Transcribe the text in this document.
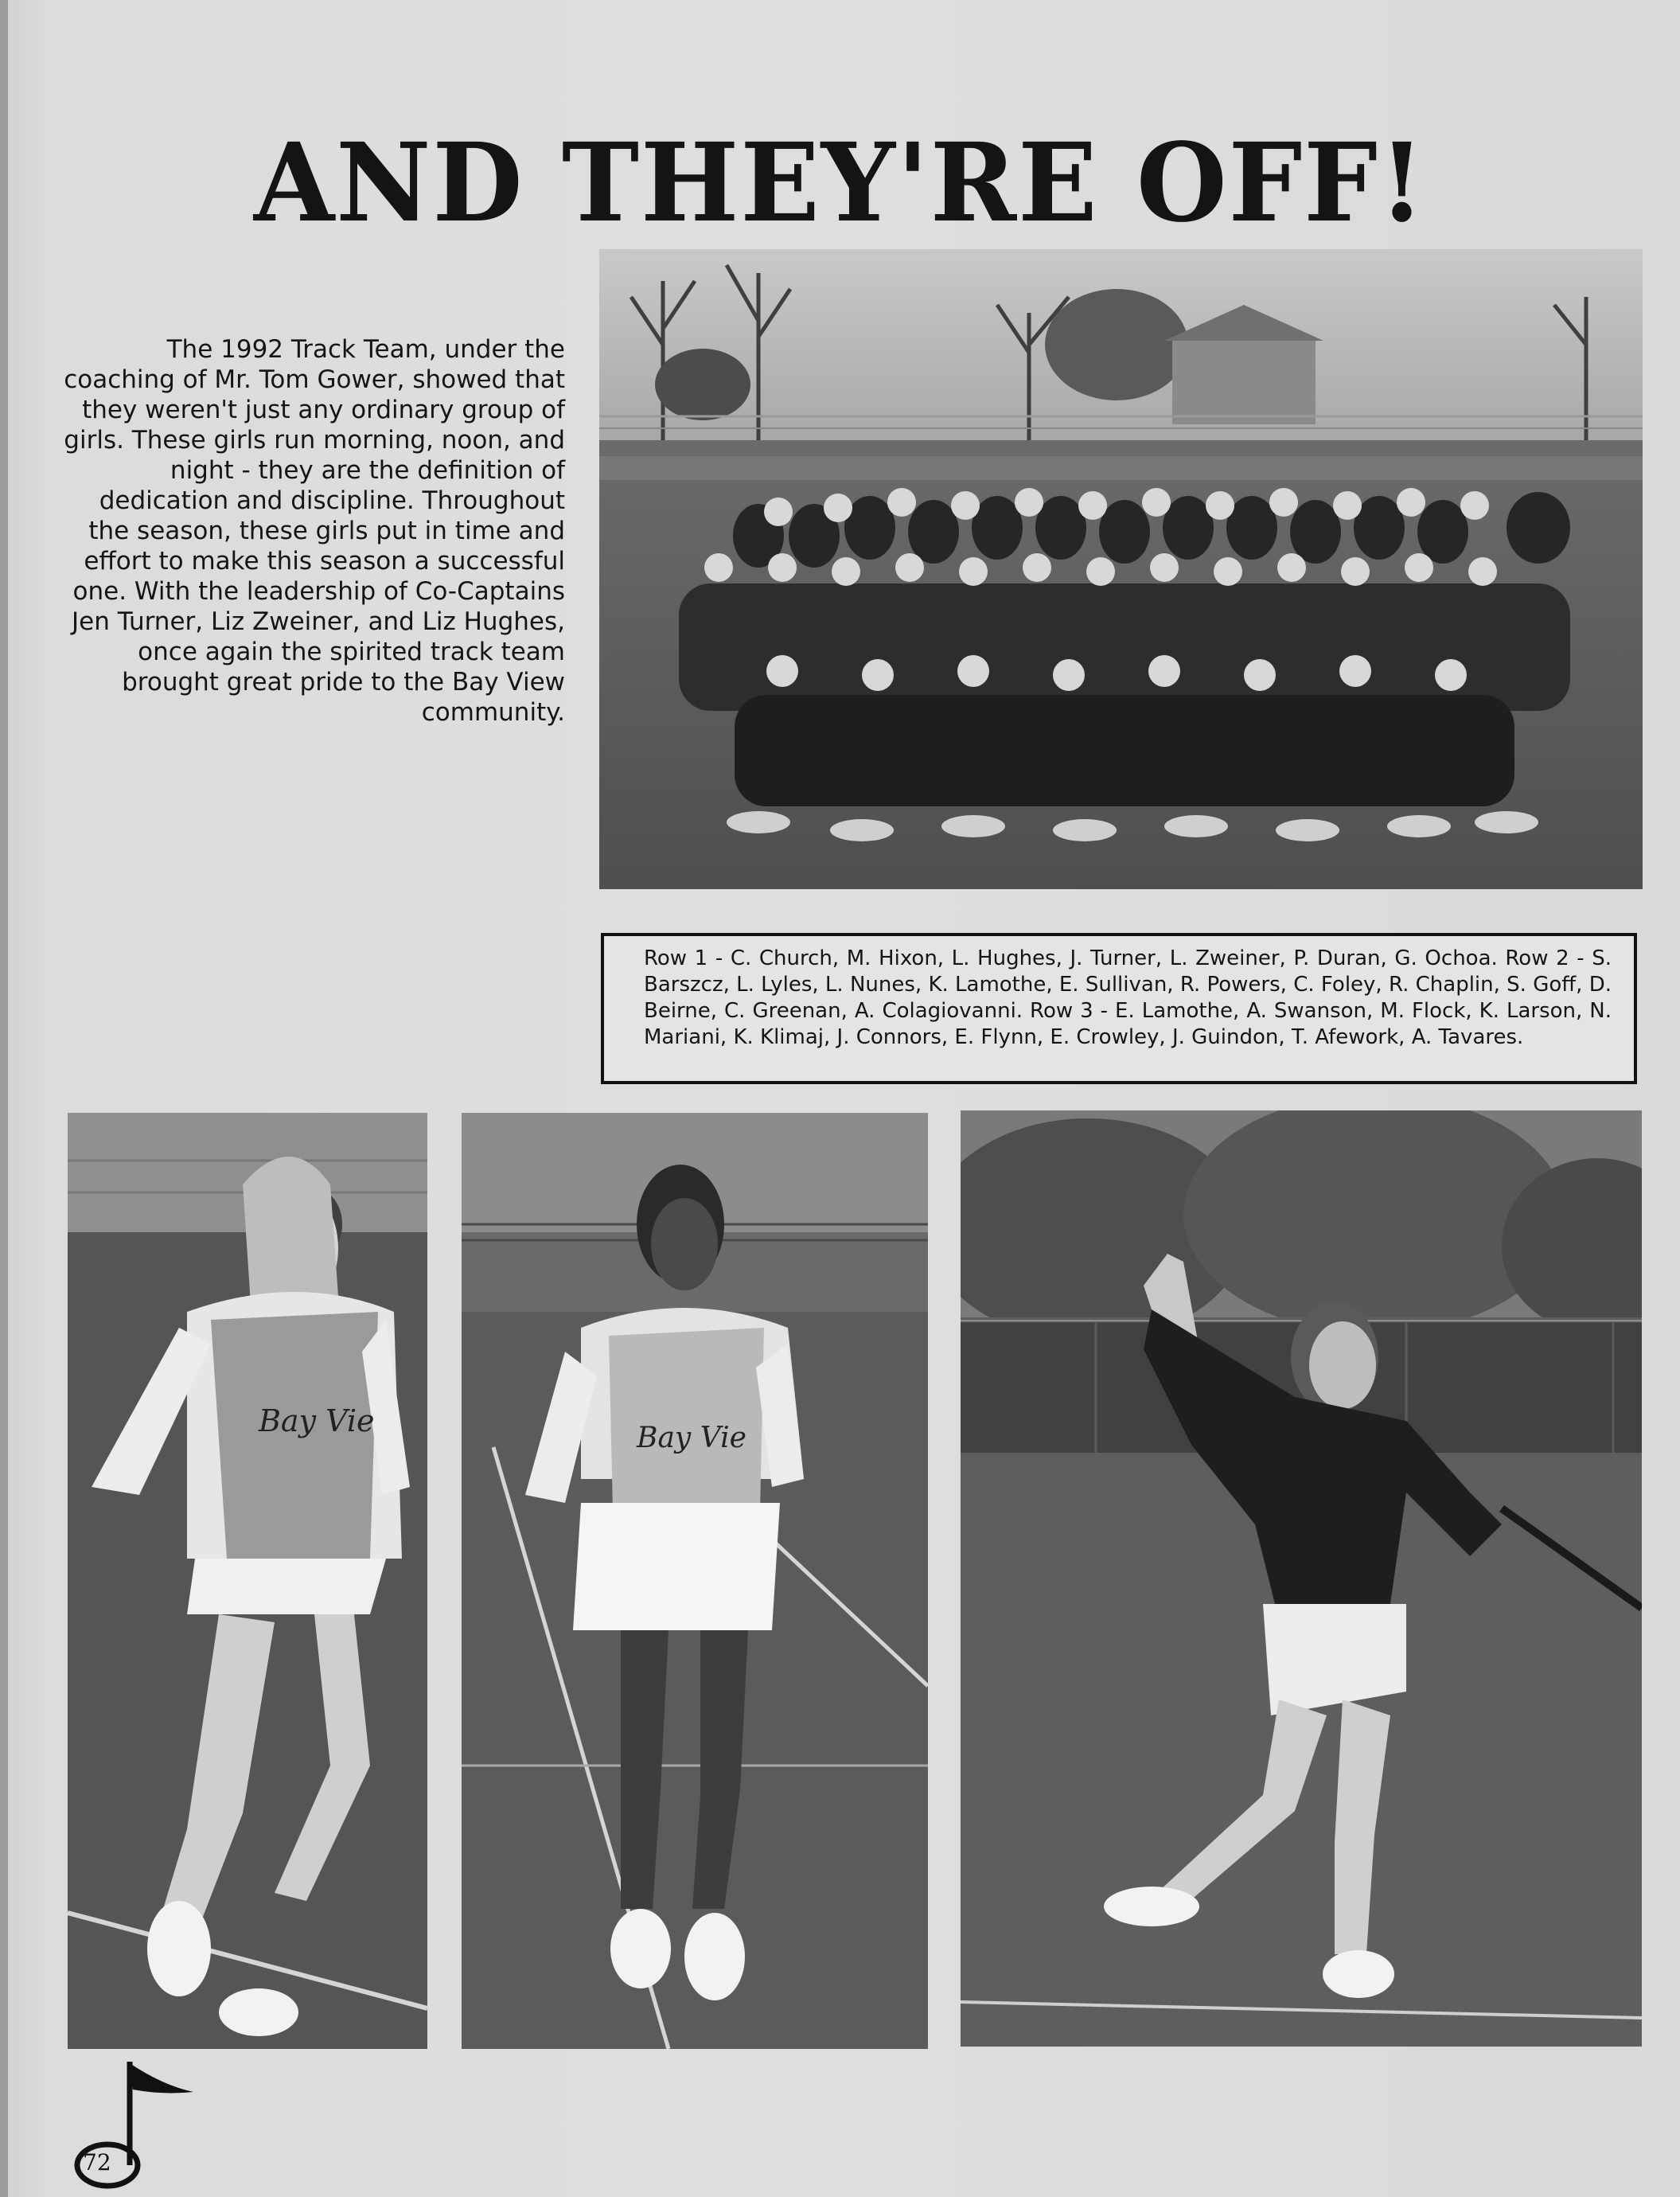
AND THEY'RE OFF!

The 1992 Track Team, under the coaching of Mr. Tom Gower, showed that they weren't just any ordinary group of girls. These girls run morning, noon, and night - they are the definition of dedication and discipline. Throughout the season, these girls put in time and effort to make this season a successful one. With the leadership of Co-Captains Jen Turner, Liz Zweiner, and Liz Hughes, once again the spirited track team brought great pride to the Bay View community.

Row 1 - C. Church, M. Hixon, L. Hughes, J. Turner, L. Zweiner, P. Duran, G. Ochoa. Row 2 - S. Barszcz, L. Lyles, L. Nunes, K. Lamothe, E. Sullivan, R. Powers, C. Foley, R. Chaplin, S. Goff, D. Beirne, C. Greenan, A. Colagiovanni. Row 3 - E. Lamothe, A. Swanson, M. Flock, K. Larson, N. Mariani, K. Klimaj, J. Connors, E. Flynn, E. Crowley, J. Guindon, T. Afework, A. Tavares.

Bay Vie	Bay Vie
72
